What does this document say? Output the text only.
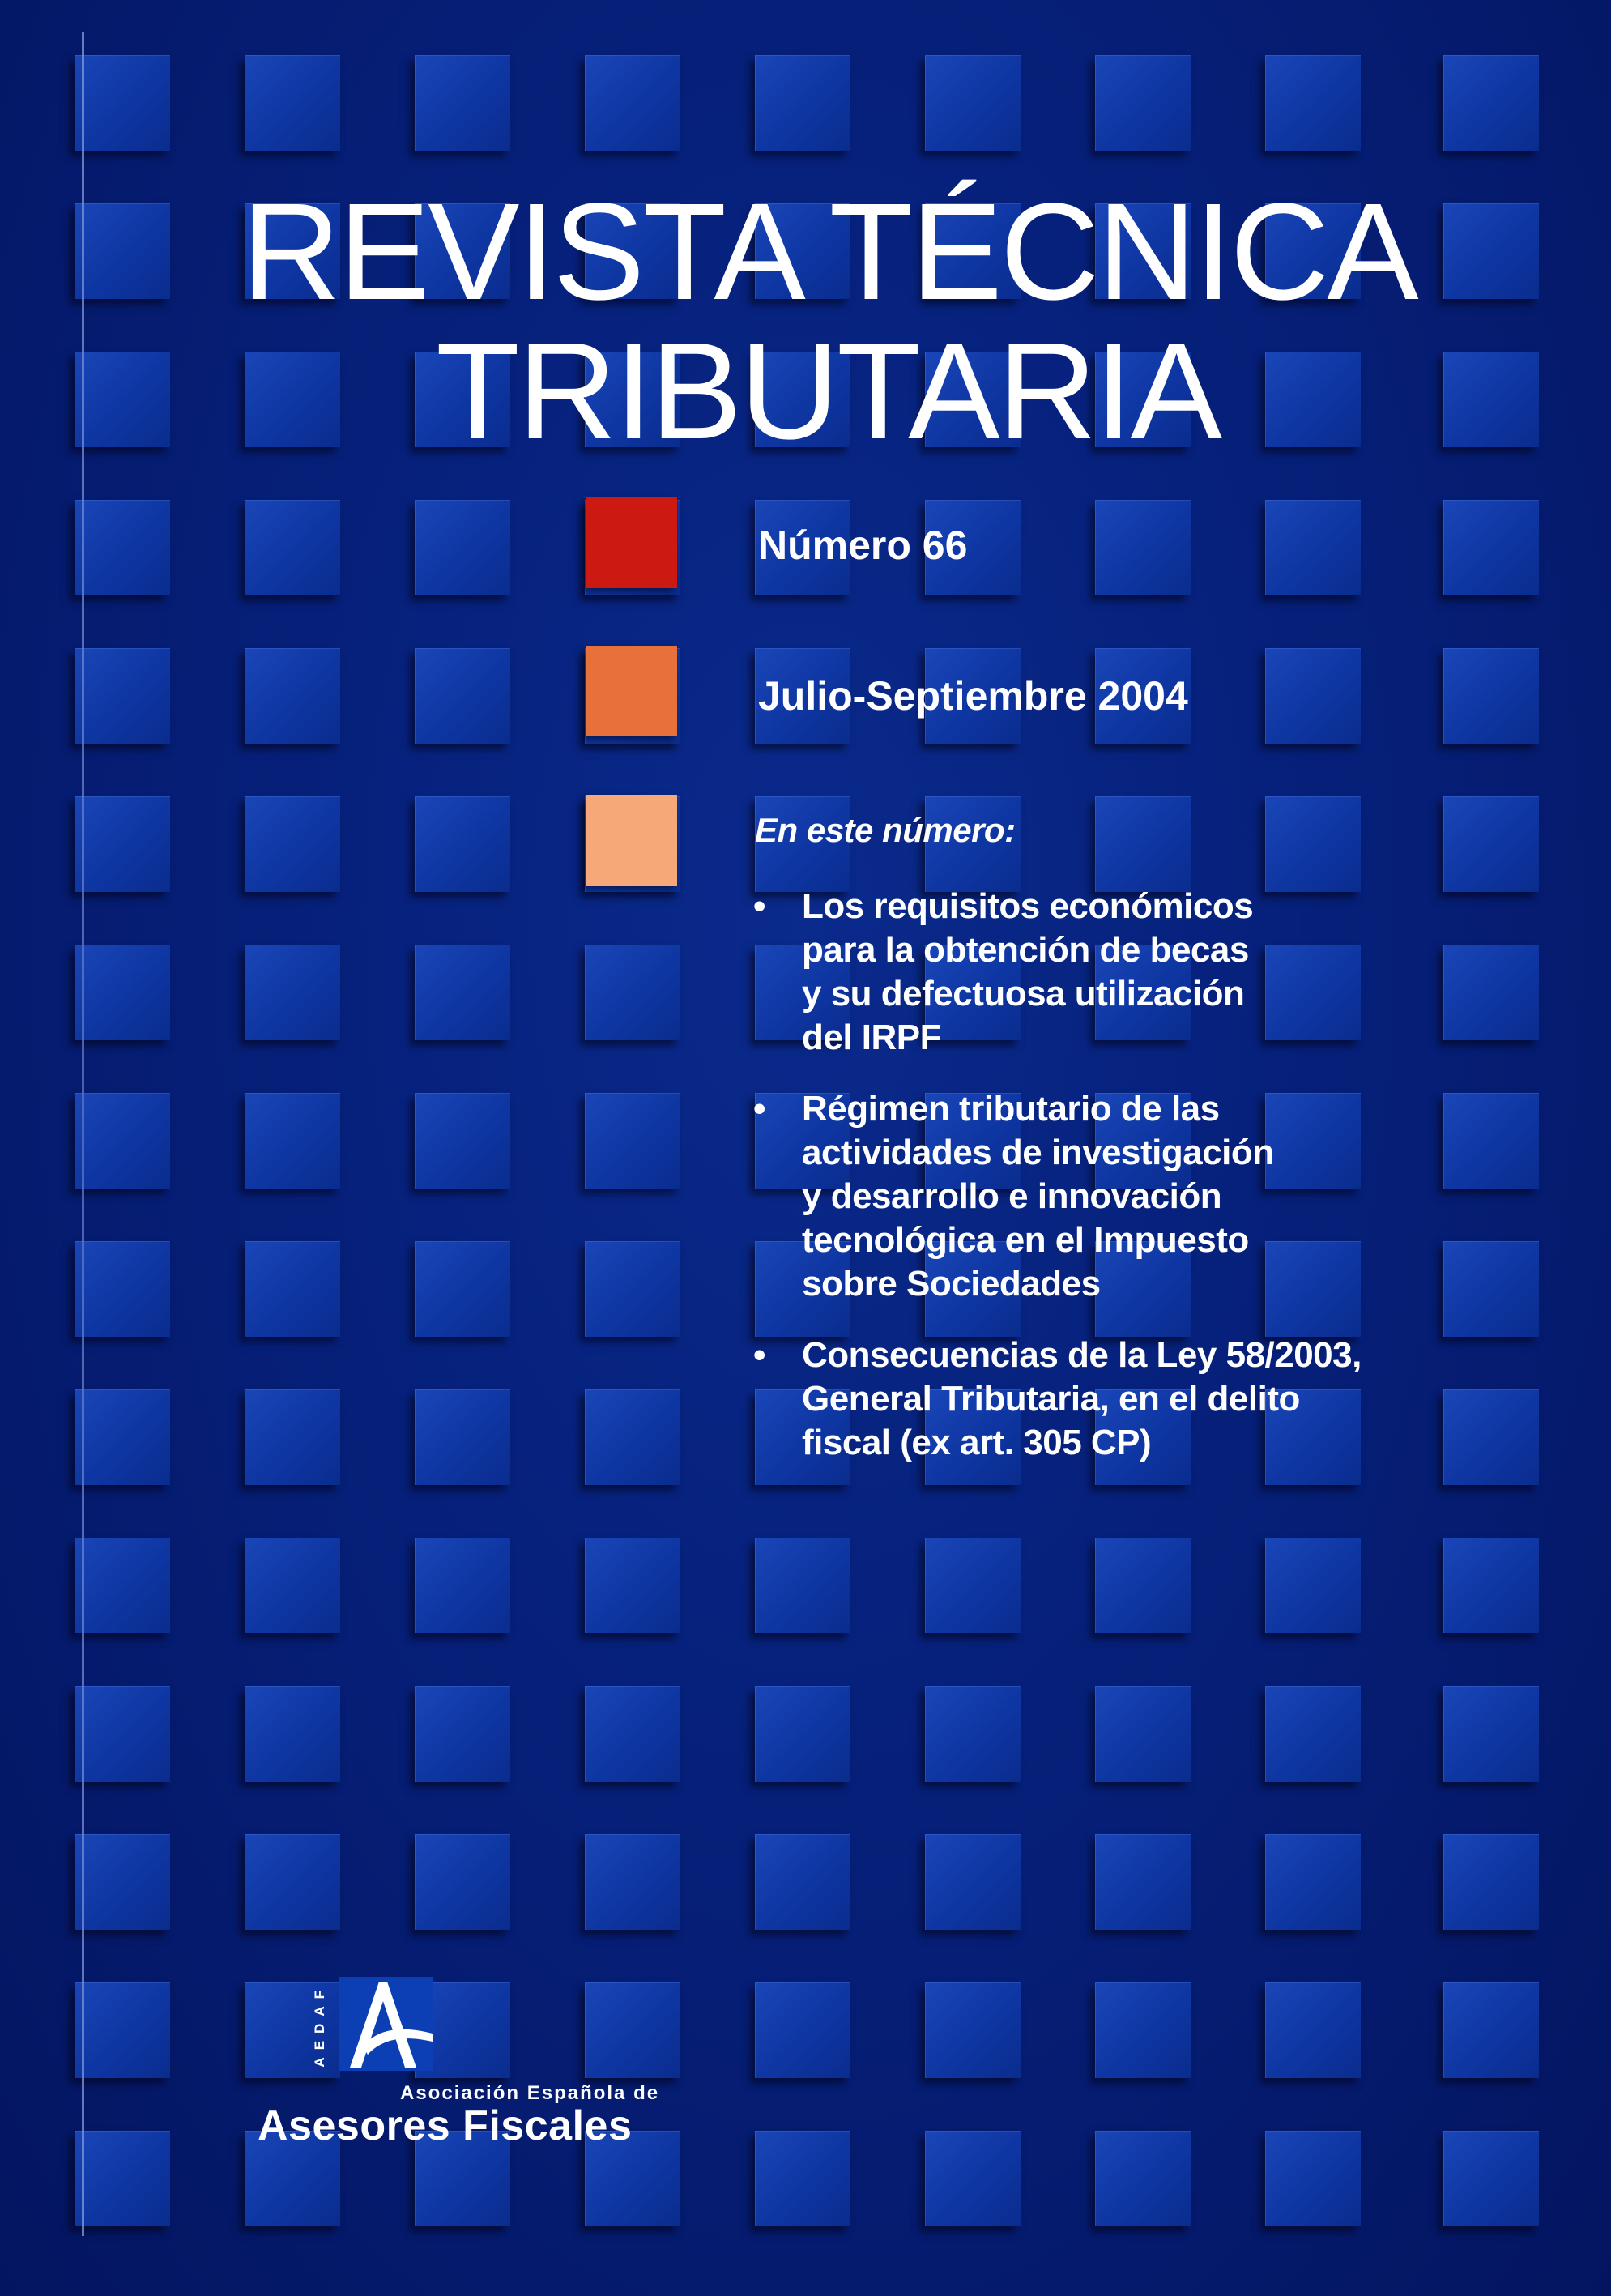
REVISTA TÉCNICA
TRIBUTARIA

Número 66

Julio-Septiembre 2004

En este número:

• Los requisitos económicos
para la obtención de becas
y su defectuosa utilización
del IRPF
• Régimen tributario de las
actividades de investigación
y desarrollo e innovación
tecnológica en el Impuesto
sobre Sociedades
• Consecuencias de la Ley 58/2003,
General Tributaria, en el delito
fiscal (ex art. 305 CP)

AEDAF

Asociación Española de

Asesores Fiscales
